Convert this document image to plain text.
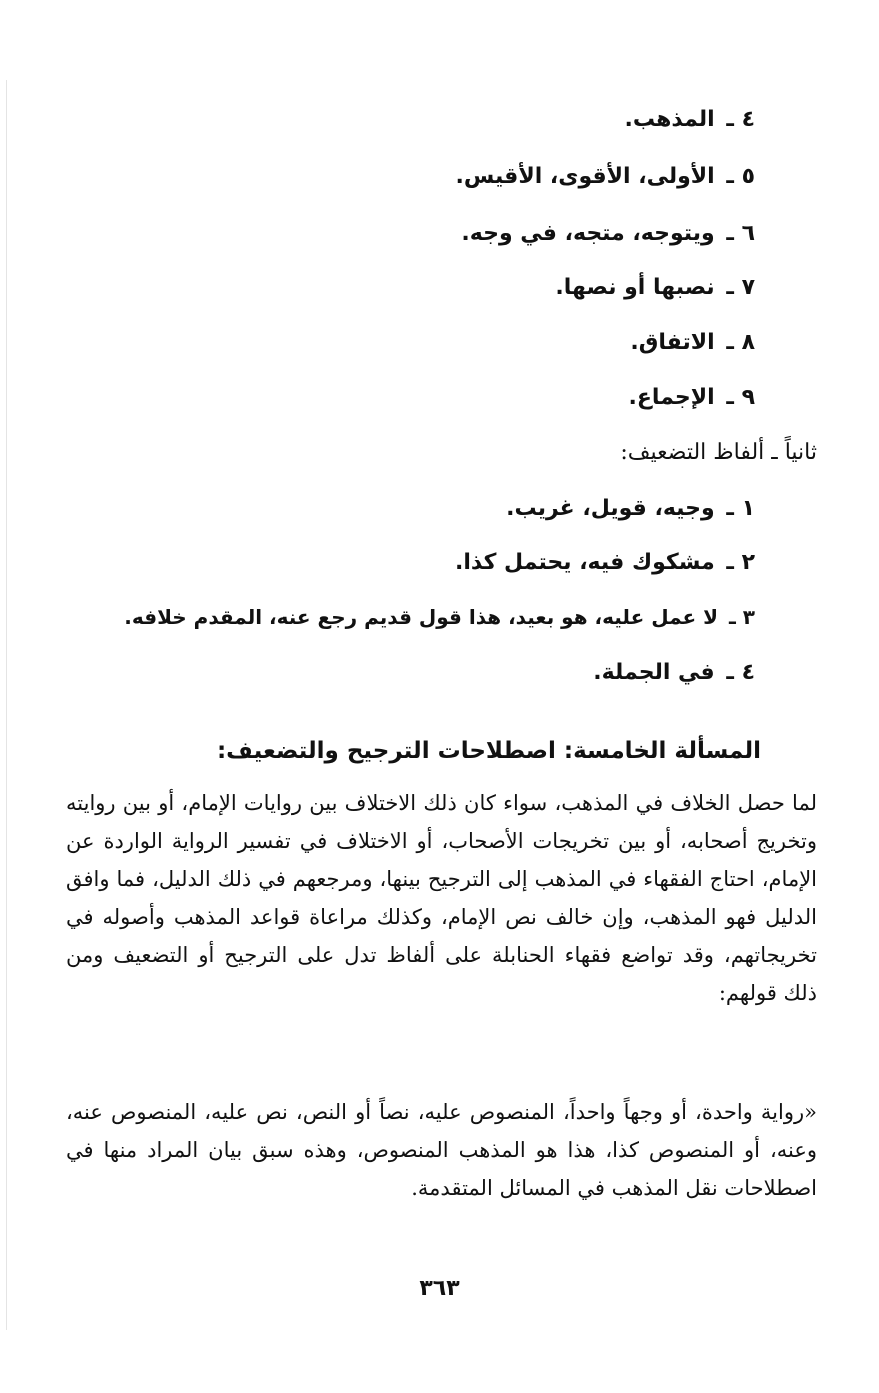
٤ ـ المذهب.
٥ ـ الأولى، الأقوى، الأقيس.
٦ ـ ويتوجه، متجه، في وجه.
٧ ـ نصبها أو نصها.
٨ ـ الاتفاق.
٩ ـ الإجماع.
ثانياً ـ ألفاظ التضعيف:
١ ـ وجيه، قويل، غريب.
٢ ـ مشكوك فيه، يحتمل كذا.
٣ ـ لا عمل عليه، هو بعيد، هذا قول قديم رجع عنه، المقدم خلافه.
٤ ـ في الجملة.
المسألة الخامسة: اصطلاحات الترجيح والتضعيف:
لما حصل الخلاف في المذهب، سواء كان ذلك الاختلاف بين روايات الإمام، أو بين روايته وتخريج أصحابه، أو بين تخريجات الأصحاب، أو الاختلاف في تفسير الرواية الواردة عن الإمام، احتاج الفقهاء في المذهب إلى الترجيح بينها، ومرجعهم في ذلك الدليل، فما وافق الدليل فهو المذهب، وإن خالف نص الإمام، وكذلك مراعاة قواعد المذهب وأصوله في تخريجاتهم، وقد تواضع فقهاء الحنابلة على ألفاظ تدل على الترجيح أو التضعيف ومن ذلك قولهم:
«رواية واحدة، أو وجهاً واحداً، المنصوص عليه، نصاً أو النص، نص عليه، المنصوص عنه، وعنه، أو المنصوص كذا، هذا هو المذهب المنصوص، وهذه سبق بيان المراد منها في اصطلاحات نقل المذهب في المسائل المتقدمة.
٣٦٣
